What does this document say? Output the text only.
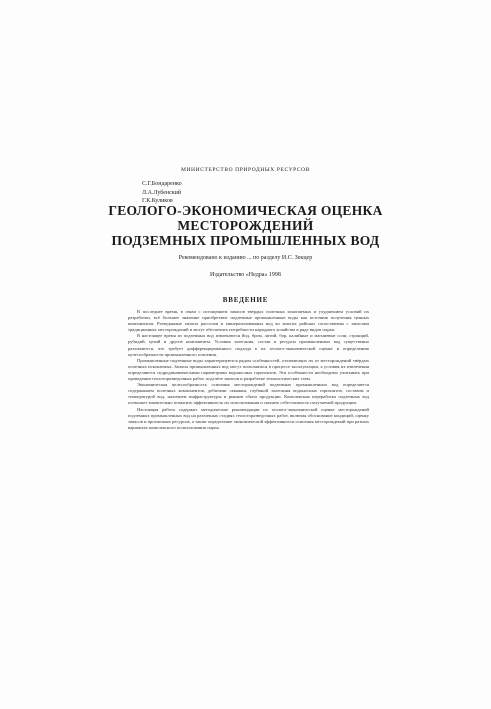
МИНИСТЕРСТВО ПРИРОДНЫХ РЕСУРСОВ
С.Г.Бондаренко
Л.А.Лубенский
Г.К.Куликов
ГЕОЛОГО-ЭКОНОМИЧЕСКАЯ ОЦЕНКА
МЕСТОРОЖДЕНИЙ
ПОДЗЕМНЫХ ПРОМЫШЛЕННЫХ ВОД
Рекомендовано к изданию ... по разделу И.С. Зекцер
Издательство «Недра» 1998
ВВЕДЕНИЕ

В последнее время, в связи с истощением запасов твёрдых полезных ископаемых и ухудшением условий их разработки, всё большее значение приобретают подземные промышленные воды как источник получения ценных компонентов. Разведанные запасы рассолов и минерализованных вод во многих районах сопоставимы с запасами традиционных месторождений и могут обеспечить потребности народного хозяйства в ряде видов сырья.

В настоящее время из подземных вод извлекаются йод, бром, литий, бор, калийные и магниевые соли, стронций, рубидий, цезий и другие компоненты. Условия залегания, состав и ресурсы промышленных вод существенно различаются, что требует дифференцированного подхода к их геолого-экономической оценке и определению целесообразности промышленного освоения.

Промышленные подземные воды характеризуются рядом особенностей, отличающих их от месторождений твёрдых полезных ископаемых. Запасы промышленных вод могут пополняться в процессе эксплуатации, а условия их извлечения определяются гидродинамическими параметрами водоносных горизонтов. Эти особенности необходимо учитывать при проведении геологоразведочных работ, подсчёте запасов и разработке технологических схем.

Экономическая целесообразность освоения месторождений подземных промышленных вод определяется содержанием полезных компонентов, дебитами скважин, глубиной залегания водоносных горизонтов, составом и температурой вод, наличием инфраструктуры и рынков сбыта продукции. Комплексная переработка подземных вод позволяет значительно повысить эффективность их использования и снизить себестоимость получаемой продукции.

Настоящая работа содержит методические рекомендации по геолого-экономической оценке месторождений подземных промышленных вод на различных стадиях геологоразведочных работ, включая обоснование кондиций, оценку запасов и прогнозных ресурсов, а также определение экономической эффективности освоения месторождений при разных вариантах комплексного использования сырья.
